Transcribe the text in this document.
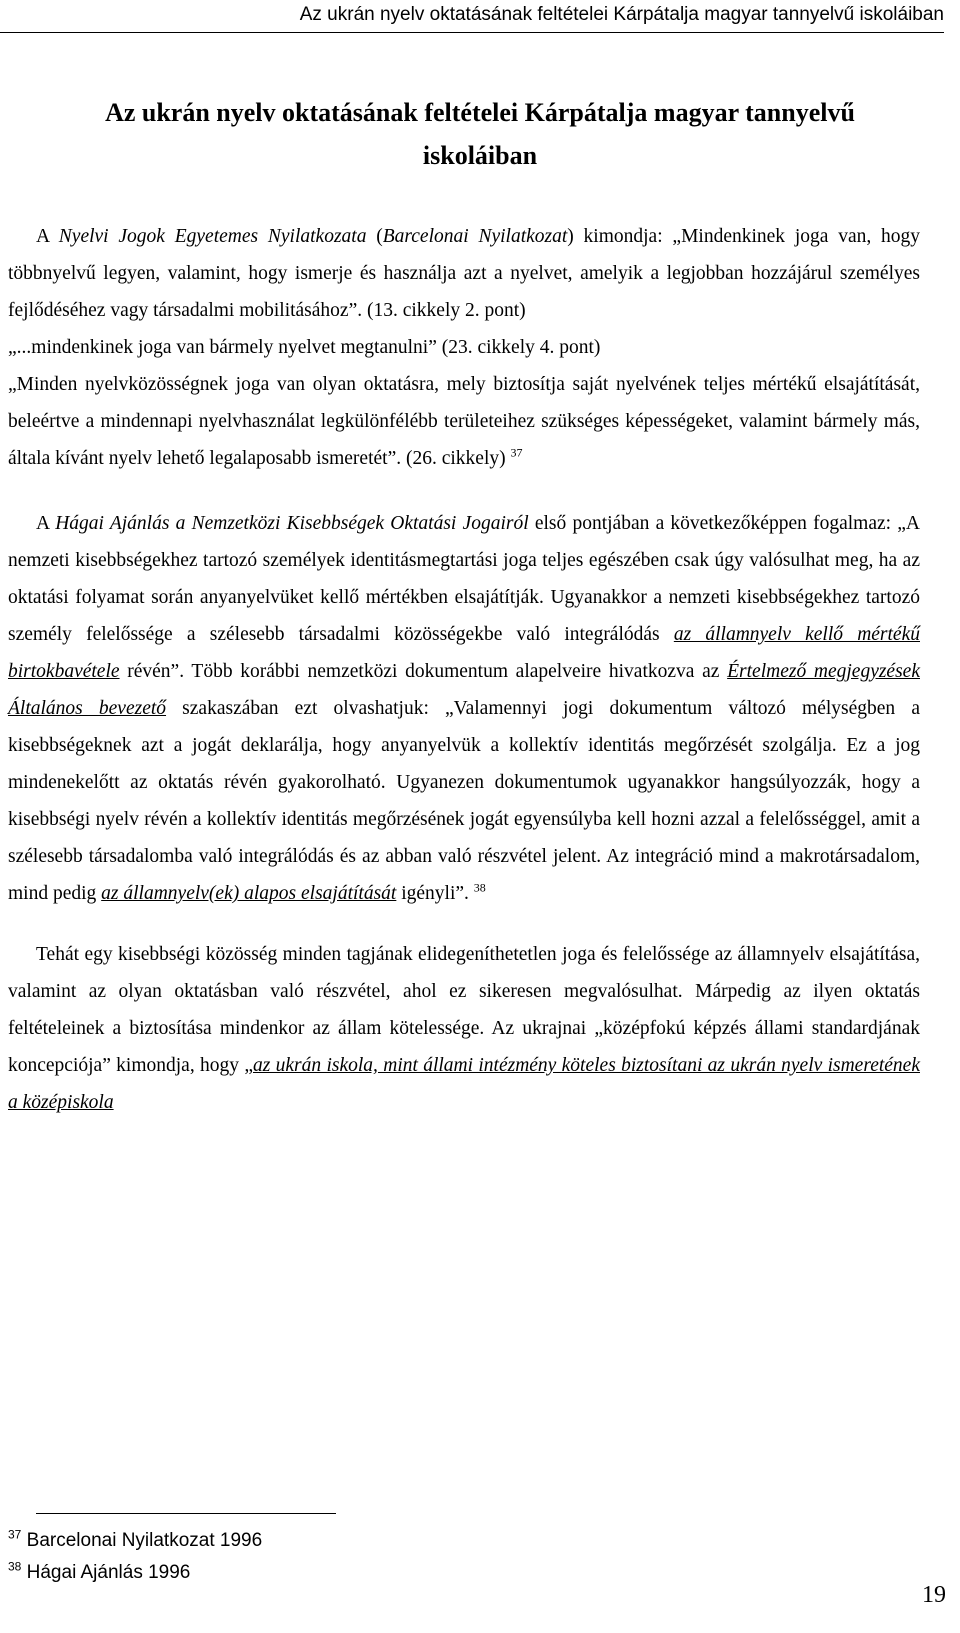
Az ukrán nyelv oktatásának feltételei Kárpátalja magyar tannyelvű iskoláiban
Az ukrán nyelv oktatásának feltételei Kárpátalja magyar tannyelvű
iskoláiban

A Nyelvi Jogok Egyetemes Nyilatkozata (Barcelonai Nyilatkozat) kimondja: „Mindenkinek joga van, hogy többnyelvű legyen, valamint, hogy ismerje és használja azt a nyelvet, amelyik a legjobban hozzájárul személyes fejlődéséhez vagy társadalmi mobilitásához”. (13. cikkely 2. pont)

„...mindenkinek joga van bármely nyelvet megtanulni” (23. cikkely 4. pont)

„Minden nyelvközösségnek joga van olyan oktatásra, mely biztosítja saját nyelvének teljes mértékű elsajátítását, beleértve a mindennapi nyelvhasználat legkülönfélébb területeihez szükséges képességeket, valamint bármely más, általa kívánt nyelv lehető legalaposabb ismeretét”. (26. cikkely) $^{37}$

A Hágai Ajánlás a Nemzetközi Kisebbségek Oktatási Jogairól első pontjában a következőképpen fogalmaz: „A nemzeti kisebbségekhez tartozó személyek identitásmegtartási joga teljes egészében csak úgy valósulhat meg, ha az oktatási folyamat során anyanyelvüket kellő mértékben elsajátítják. Ugyanakkor a nemzeti kisebbségekhez tartozó személy felelőssége a szélesebb társadalmi közösségekbe való integrálódás az államnyelv kellő mértékű birtokbavétele révén”. Több korábbi nemzetközi dokumentum alapelveire hivatkozva az Értelmező megjegyzések Általános bevezető szakaszában ezt olvashatjuk: „Valamennyi jogi dokumentum változó mélységben a kisebbségeknek azt a jogát deklarálja, hogy anyanyelvük a kollektív identitás megőrzését szolgálja. Ez a jog mindenekelőtt az oktatás révén gyakorolható. Ugyanezen dokumentumok ugyanakkor hangsúlyozzák, hogy a kisebbségi nyelv révén a kollektív identitás megőrzésének jogát egyensúlyba kell hozni azzal a felelősséggel, amit a szélesebb társadalomba való integrálódás és az abban való részvétel jelent. Az integráció mind a makrotársadalom, mind pedig az államnyelv(ek) alapos elsajátítását igényli”. $^{38}$

Tehát egy kisebbségi közösség minden tagjának elidegeníthetetlen joga és felelőssége az államnyelv elsajátítása, valamint az olyan oktatásban való részvétel, ahol ez sikeresen megvalósulhat. Márpedig az ilyen oktatás feltételeinek a biztosítása mindenkor az állam kötelessége. Az ukrajnai „középfokú képzés állami standardjának koncepciója” kimondja, hogy „az ukrán iskola, mint állami intézmény köteles biztosítani az ukrán nyelv ismeretének a középiskola

$^{37}$ Barcelonai Nyilatkozat 1996
$^{38}$ Hágai Ajánlás 1996
19
